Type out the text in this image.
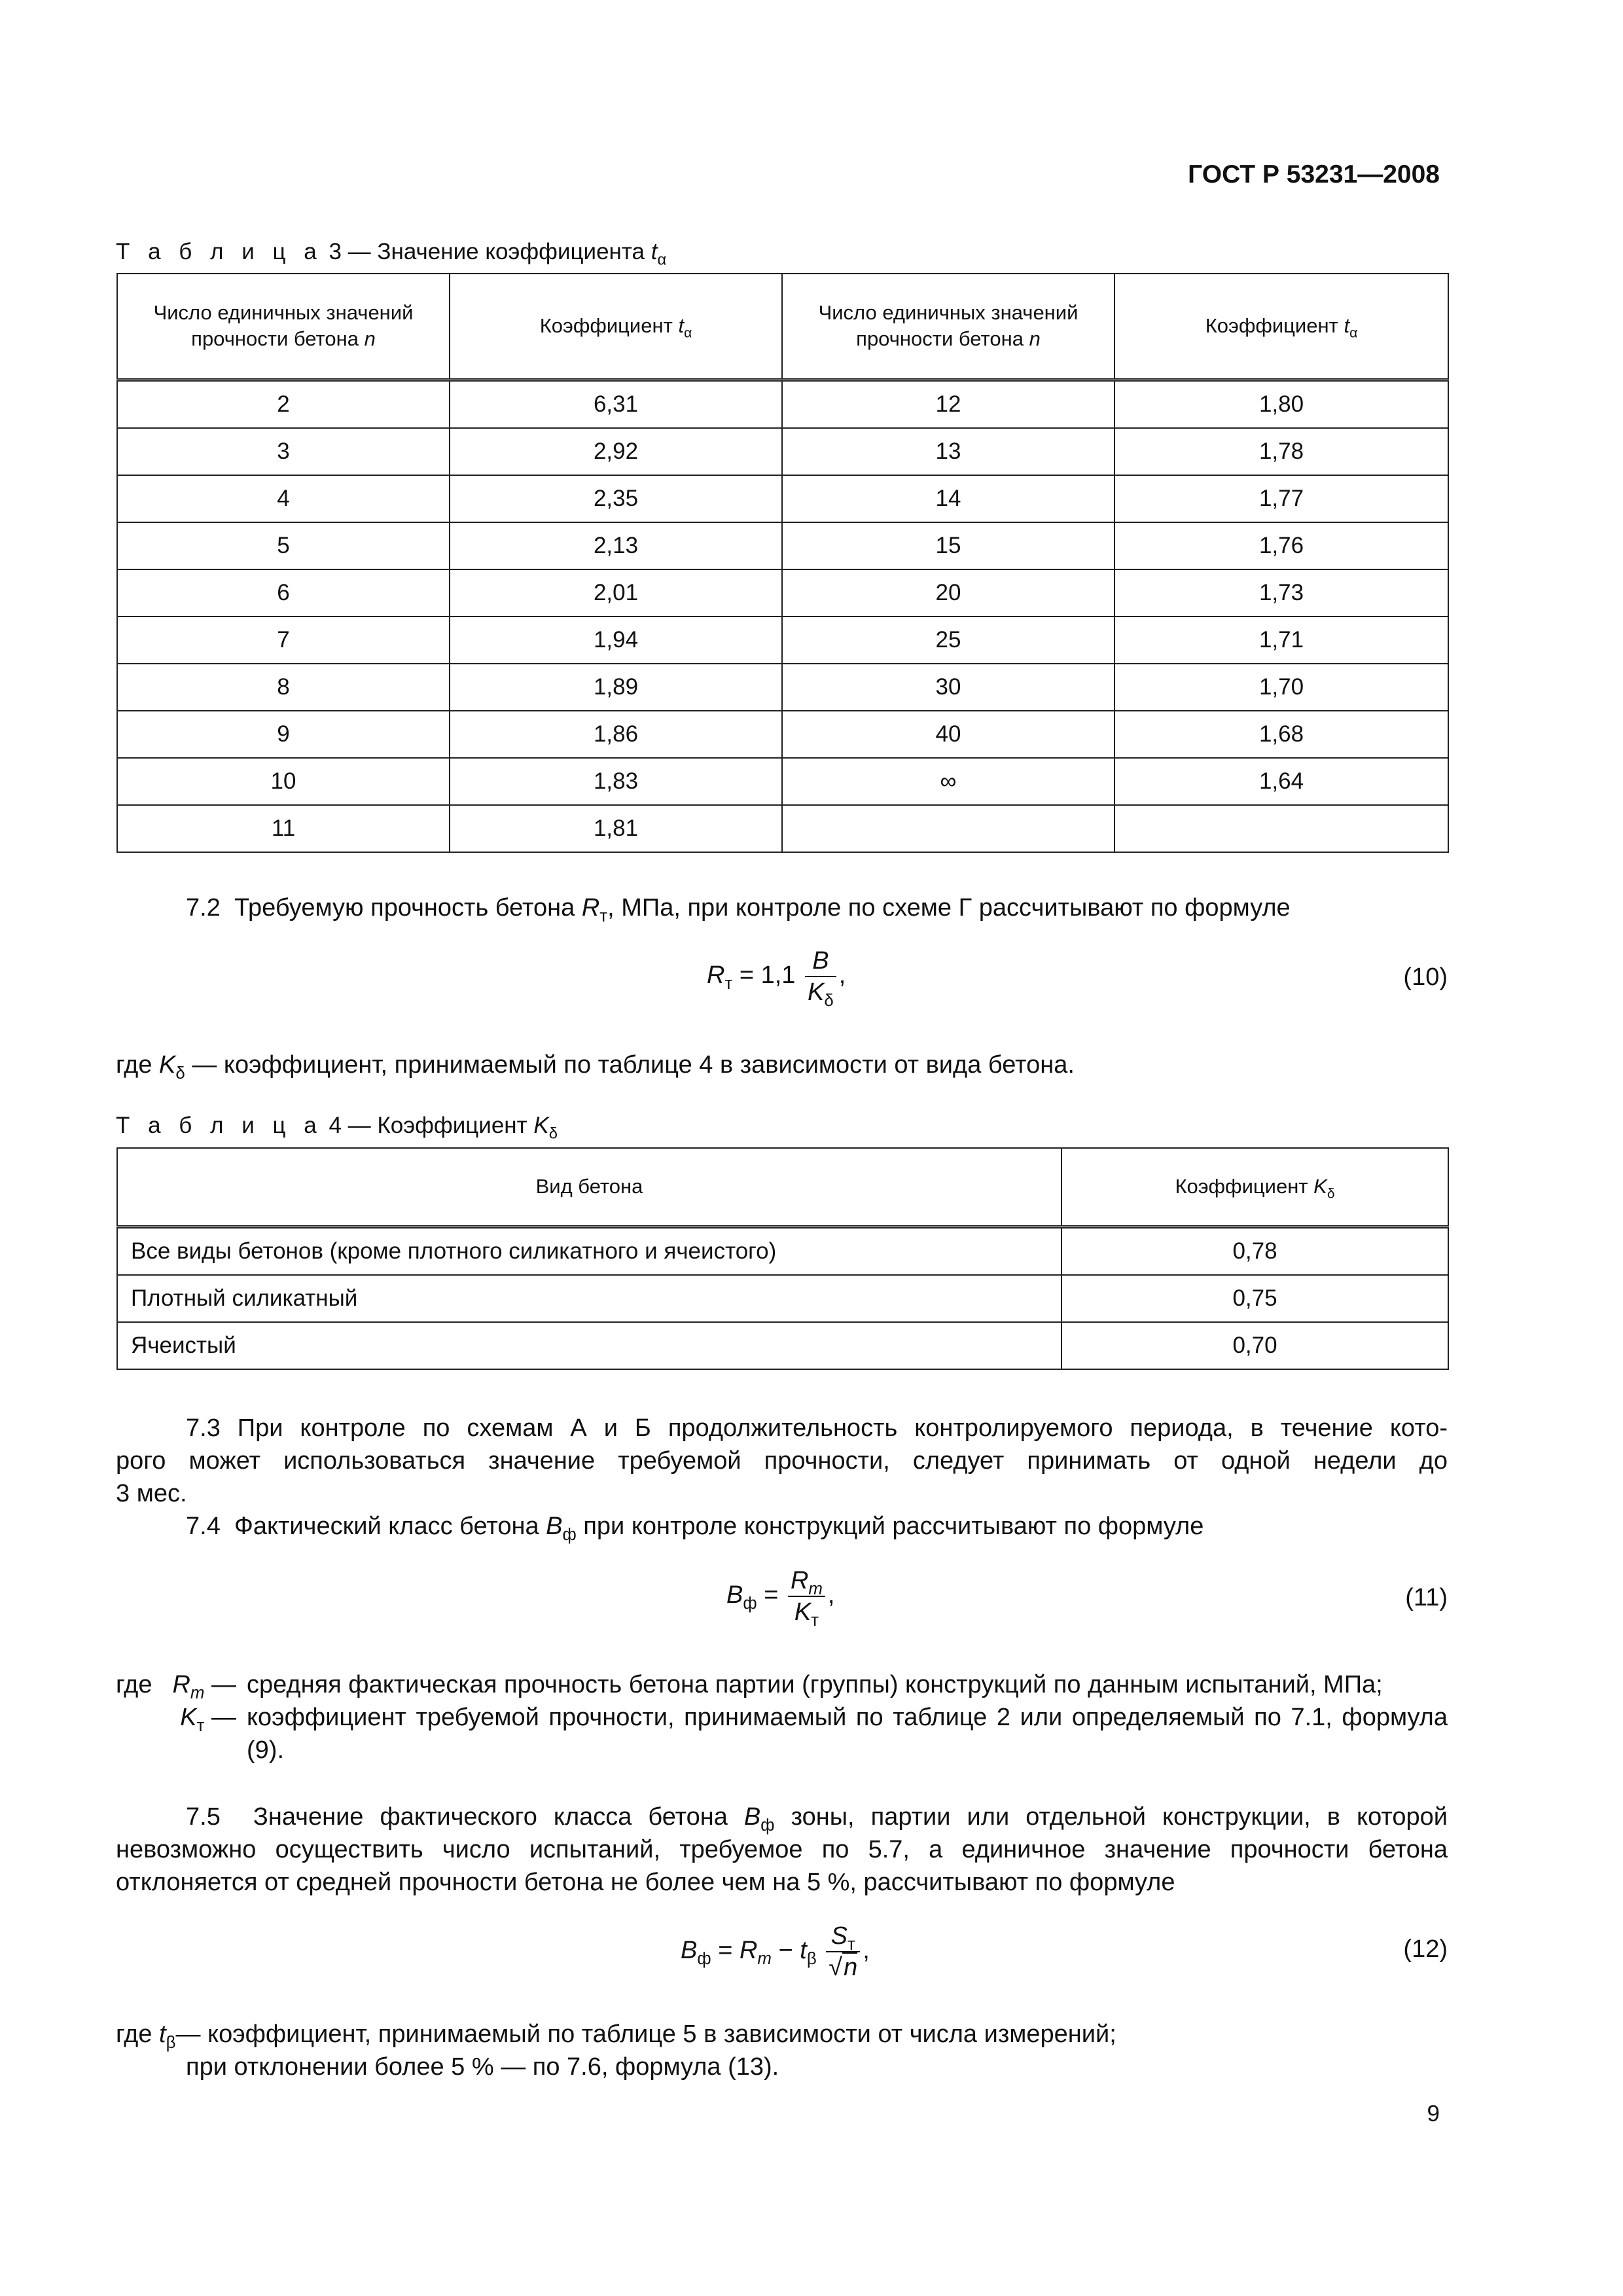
ГОСТ Р 53231—2008
Т а б л и ц а 3 — Значение коэффициента $t_\alpha$
Число единичных значений прочности бетона n	Коэффициент $t_\alpha$	Число единичных значений прочности бетона n	Коэффициент $t_\alpha$
2	6,31	12	1,80
3	2,92	13	1,78
4	2,35	14	1,77
5	2,13	15	1,76
6	2,01	20	1,73
7	1,94	25	1,71
8	1,89	30	1,70
9	1,86	40	1,68
10	1,83	∞	1,64
11	1,81		
7.2 Требуемую прочность бетона $R_т$, МПа, при контроле по схеме Г рассчитывают по формуле
$R_т = 1,1 \frac{B}{K_\delta}$ ,	(10)
где $K_\delta$ — коэффициент, принимаемый по таблице 4 в зависимости от вида бетона.
Т а б л и ц а 4 — Коэффициент $K_\delta$
Вид бетона	Коэффициент $K_\delta$
Все виды бетонов (кроме плотного силикатного и ячеистого)	0,78
Плотный силикатный	0,75
Ячеистый	0,70
7.3 При контроле по схемам А и Б продолжительность контролируемого периода, в течение кото-
рого может использоваться значение требуемой прочности, следует принимать от одной недели до
3 мес.
7.4 Фактический класс бетона $B_ф$ при контроле конструкций рассчитывают по формуле
$B_ф = \frac{R_m}{K_т}$ ,	(11)
где $R_m$ —	средняя фактическая прочность бетона партии (группы) конструкций по данным испытаний, МПа;
$K_т$ —	коэффициент требуемой прочности, принимаемый по таблице 2 или определяемый по 7.1, формула (9).
7.5 Значение фактического класса бетона $B_ф$ зоны, партии или отдельной конструкции, в которой
невозможно осуществить число испытаний, требуемое по 5.7, а единичное значение прочности бетона
отклоняется от средней прочности бетона не более чем на 5 %, рассчитывают по формуле
$B_ф = R_m - t_\beta \frac{S_т}{√n}$ ,	(12)
где $t_\beta—$ коэффициент, принимаемый по таблице 5 в зависимости от числа измерений;
при отклонении более 5 % — по 7.6, формула (13).
9
